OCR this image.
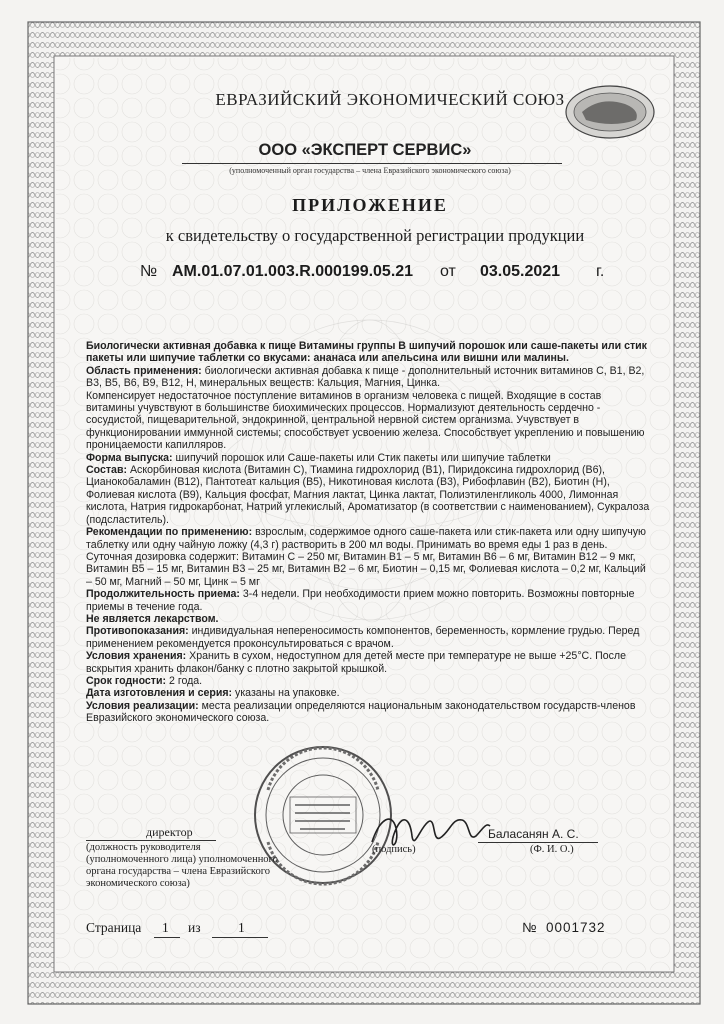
ЕВРАЗИЙСКИЙ ЭКОНОМИЧЕСКИЙ СОЮЗ
ООО «ЭКСПЕРТ СЕРВИС»
(уполномоченный орган государства – члена Евразийского экономического союза)
ПРИЛОЖЕНИЕ
к свидетельству о государственной регистрации продукции
№ AM.01.07.01.003.R.000199.05.21 от 03.05.2021 г.

Биологически активная добавка к пище Витамины группы B шипучий порошок или саше-пакеты или стик пакеты или шипучие таблетки со вкусами: ананаса или апельсина или вишни или малины.

Область применения: биологически активная добавка к пище - дополнительный источник витаминов С, В1, В2, В3, В5, В6, В9, В12, Н, минеральных веществ: Кальция, Магния, Цинка.

Компенсирует недостаточное поступление витаминов в организм человека с пищей. Входящие в состав витамины учувствуют в большинстве биохимических процессов. Нормализуют деятельность сердечно - сосудистой, пищеварительной, эндокринной, центральной нервной систем организма. Учувствует в функционировании иммунной системы; способствует усвоению железа. Способствует укреплению и повышению проницаемости капилляров.

Форма выпуска: шипучий порошок или Саше-пакеты или Стик пакеты или шипучие таблетки

Состав: Аскорбиновая кислота (Витамин С), Тиамина гидрохлорид (B1), Пиридоксина гидрохлорид (B6), Цианокобаламин (B12), Пантотеат кальция (B5), Никотиновая кислота (В3), Рибофлавин (В2), Биотин (Н), Фолиевая кислота (В9), Кальция фосфат, Магния лактат, Цинка лактат, Полиэтиленгликоль 4000, Лимонная кислота, Натрия гидрокарбонат, Натрий углекислый, Ароматизатор (в соответствии с наименованием), Сукралоза (подсластитель).

Рекомендации по применению: взрослым, содержимое одного саше-пакета или стик-пакета или одну шипучую таблетку или одну чайную ложку (4,3 г) растворить в 200 мл воды. Принимать во время еды 1 раз в день.

Суточная дозировка содержит: Витамин С – 250 мг, Витамин В1 – 5 мг, Витамин В6 – 6 мг, Витамин В12 – 9 мкг, Витамин В5 – 15 мг, Витамин В3 – 25 мг, Витамин В2 – 6 мг, Биотин – 0,15 мг, Фолиевая кислота – 0,2 мг, Кальций – 50 мг, Магний – 50 мг, Цинк – 5 мг

Продолжительность приема: 3-4 недели. При необходимости прием можно повторить. Возможны повторные приемы в течение года.

Не является лекарством.

Противопоказания: индивидуальная непереносимость компонентов, беременность, кормление грудью. Перед применением рекомендуется проконсультироваться с врачом.

Условия хранения: Хранить в сухом, недоступном для детей месте при температуре не выше +25°С. После вскрытия хранить флакон/банку с плотно закрытой крышкой.

Срок годности: 2 года.

Дата изготовления и серия: указаны на упаковке.

Условия реализации: места реализации определяются национальным законодательством государств-членов Евразийского экономического союза.

директор
(должность руководителя
(уполномоченного лица) уполномоченного
органа государства – члена Евразийского
экономического союза)
(подпись)
Баласанян А. С.
(Ф. И. О.)
Страница 1 из	1	№ 0001732
